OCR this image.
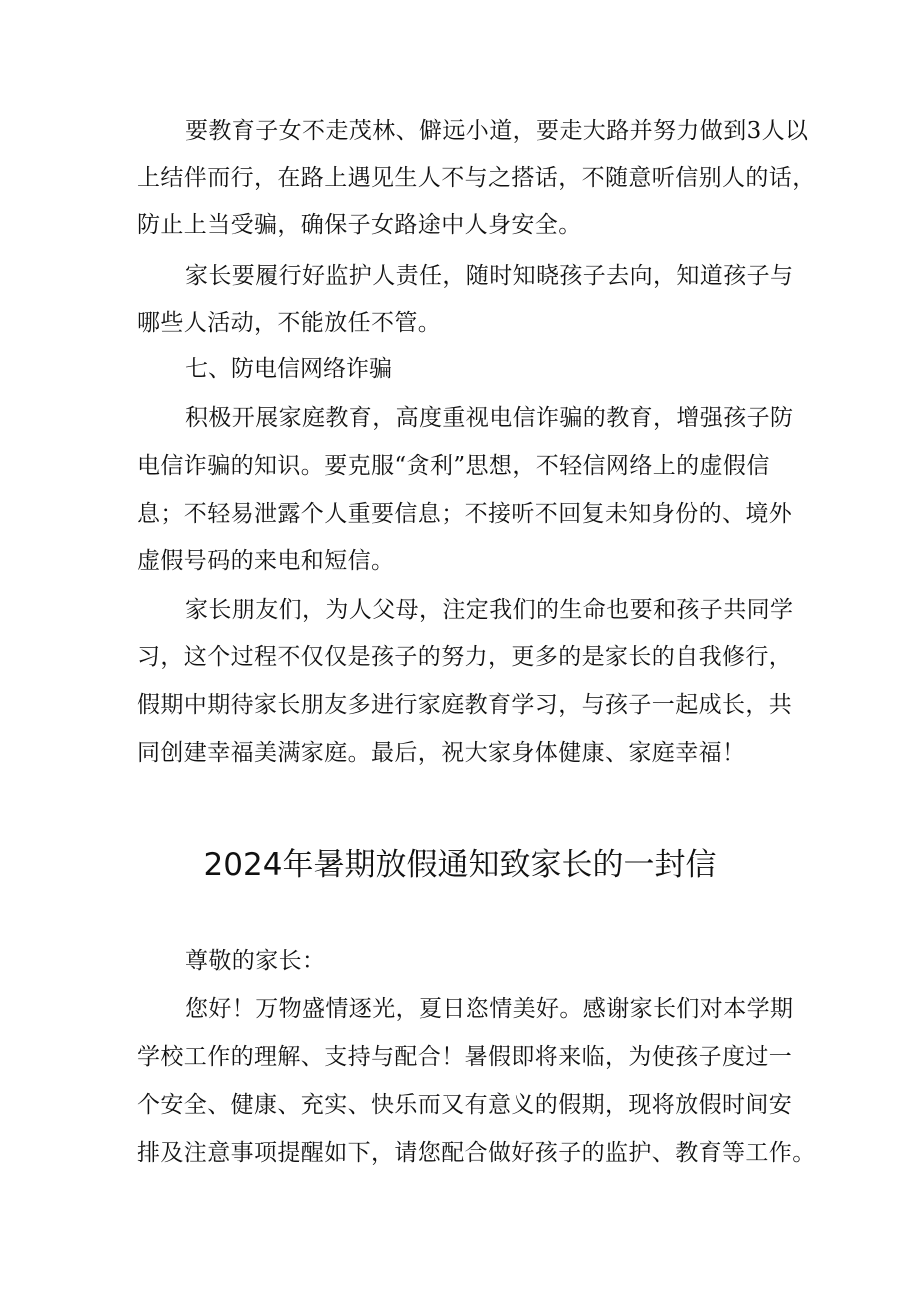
要教育子女不走茂林、僻远小道，要走大路并努力做到3人以
上结伴而行，在路上遇见生人不与之搭话，不随意听信别人的话，
防止上当受骗，确保子女路途中人身安全。
家长要履行好监护人责任，随时知晓孩子去向，知道孩子与
哪些人活动，不能放任不管。
七、防电信网络诈骗
积极开展家庭教育，高度重视电信诈骗的教育，增强孩子防
电信诈骗的知识。要克服“贪利”思想，不轻信网络上的虚假信
息；不轻易泄露个人重要信息；不接听不回复未知身份的、境外
虚假号码的来电和短信。
家长朋友们，为人父母，注定我们的生命也要和孩子共同学
习，这个过程不仅仅是孩子的努力，更多的是家长的自我修行，
假期中期待家长朋友多进行家庭教育学习，与孩子一起成长，共
同创建幸福美满家庭。最后，祝大家身体健康、家庭幸福！
2024年暑期放假通知致家长的一封信
尊敬的家长：
您好！万物盛情逐光，夏日恣情美好。感谢家长们对本学期
学校工作的理解、支持与配合！暑假即将来临，为使孩子度过一
个安全、健康、充实、快乐而又有意义的假期，现将放假时间安
排及注意事项提醒如下，请您配合做好孩子的监护、教育等工作。
